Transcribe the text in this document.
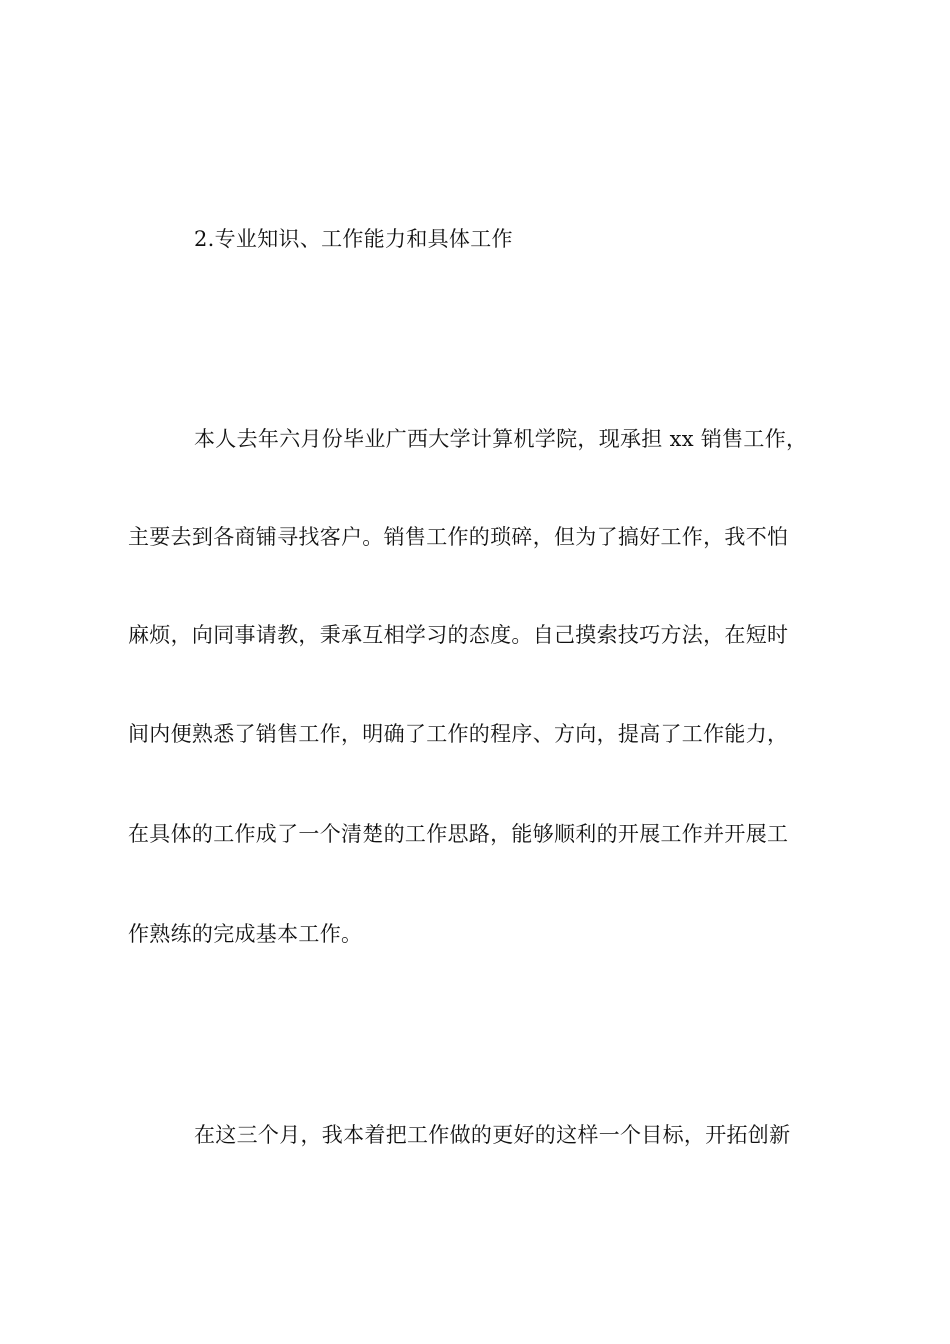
2.专业知识、工作能力和具体工作
本人去年六月份毕业广西大学计算机学院，现承担 xx 销售工作，
主要去到各商铺寻找客户。销售工作的琐碎，但为了搞好工作，我不怕
麻烦，向同事请教，秉承互相学习的态度。自己摸索技巧方法，在短时
间内便熟悉了销售工作，明确了工作的程序、方向，提高了工作能力，
在具体的工作成了一个清楚的工作思路，能够顺利的开展工作并开展工
作熟练的完成基本工作。
在这三个月，我本着把工作做的更好的这样一个目标，开拓创新
